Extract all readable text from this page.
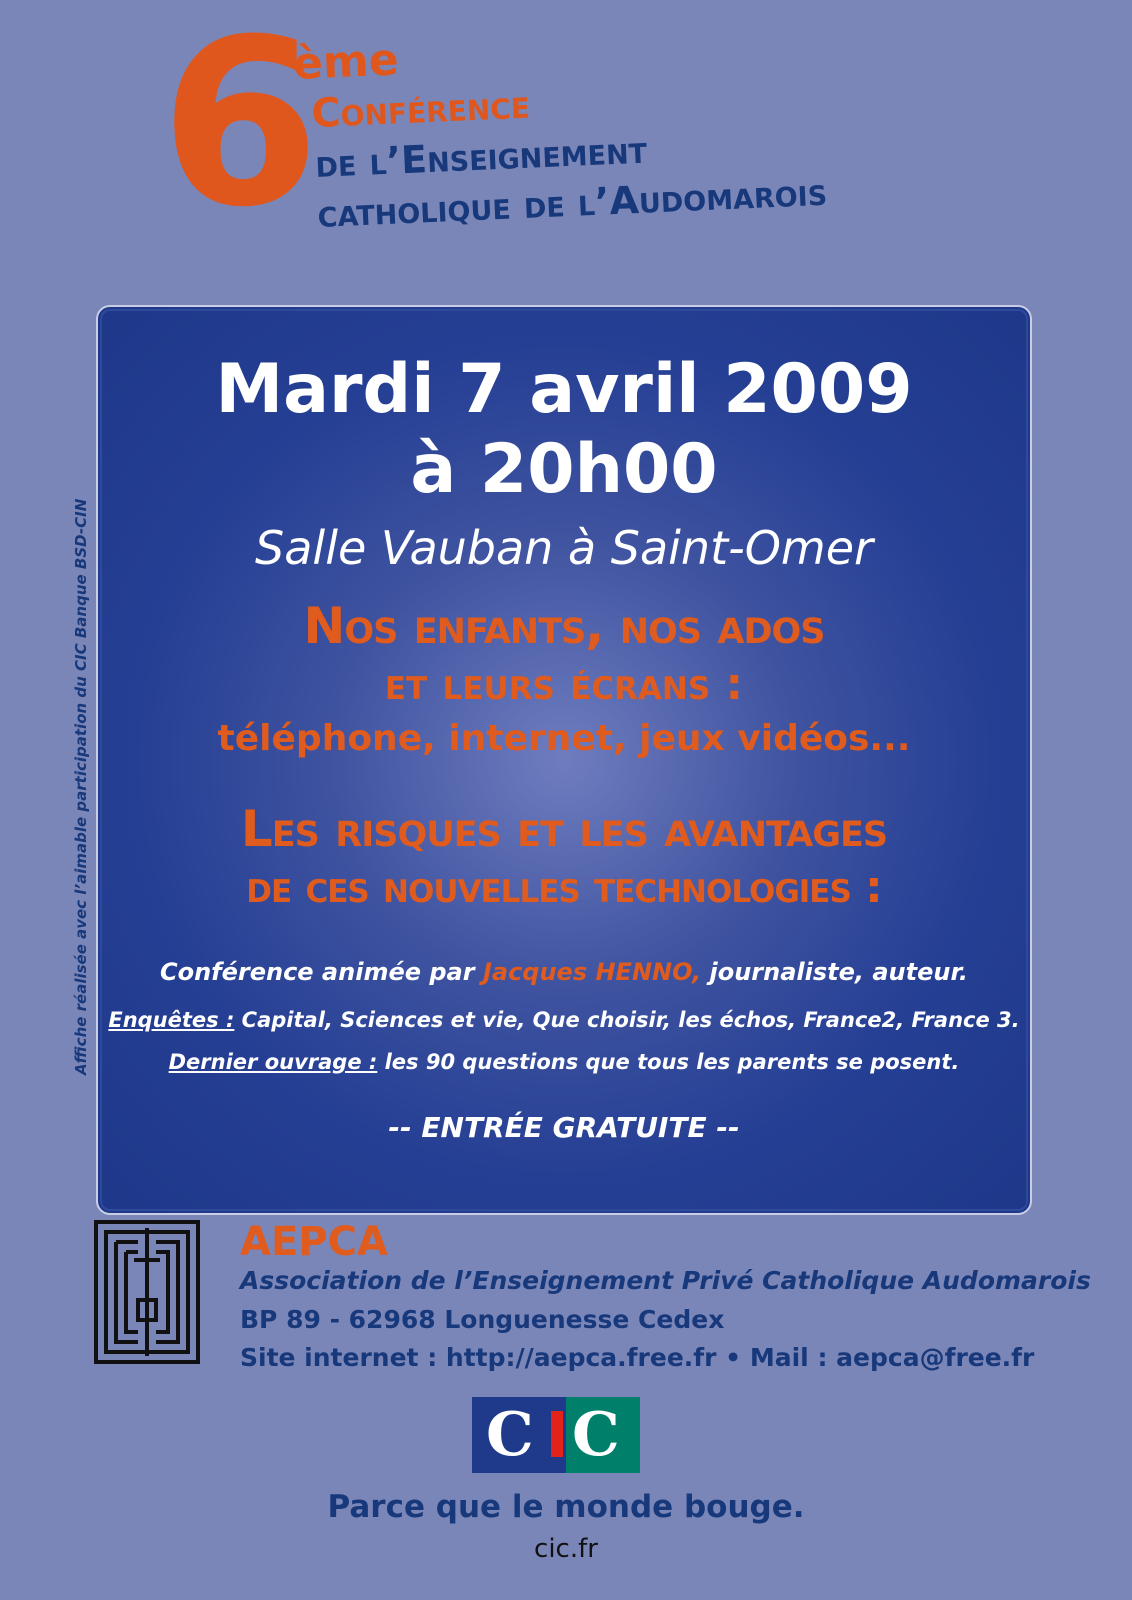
6
ème
Conférence
de l’Enseignement
catholique de l’Audomarois
Affiche réalisée avec l’aimable participation du CIC Banque BSD-CIN
Mardi 7 avril 2009
à 20h00
Salle Vauban à Saint-Omer
Nos enfants, nos ados
et leurs écrans :
téléphone, internet, jeux vidéos...
Les risques et les avantages
de ces nouvelles technologies :
Conférence animée par Jacques HENNO, journaliste, auteur.
Enquêtes : Capital, Sciences et vie, Que choisir, les échos, France2, France 3.
Dernier ouvrage : les 90 questions que tous les parents se posent.
-- ENTRÉE GRATUITE --
AEPCA
Association de l’Enseignement Privé Catholique Audomarois
BP 89 - 62968 Longuenesse Cedex
Site internet : http://aepca.free.fr • Mail : aepca@free.fr
C C
Parce que le monde bouge.
cic.fr
